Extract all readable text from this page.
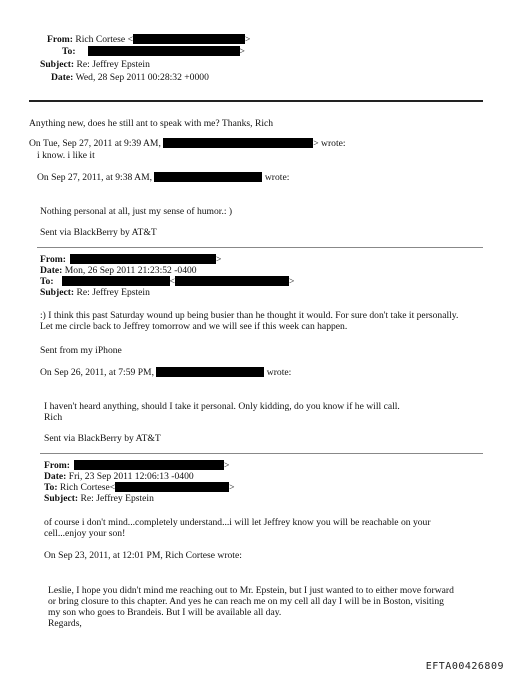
From: Rich Cortese <	>
To:	>
Subject: Re: Jeffrey Epstein
Date: Wed, 28 Sep 2011 00:28:32 +0000
Anything new, does he still ant to speak with me? Thanks, Rich
On Tue, Sep 27, 2011 at 9:39 AM,	> wrote:
i know. i like it
On Sep 27, 2011, at 9:38 AM,	wrote:
Nothing personal at all, just my sense of humor.: )
Sent via BlackBerry by AT&T
From:	>
Date: Mon, 26 Sep 2011 21:23:52 -0400
To:	<	>
Subject: Re: Jeffrey Epstein
:) I think this past Saturday wound up being busier than he thought it would. For sure don't take it personally.
Let me circle back to Jeffrey tomorrow and we will see if this week can happen.
Sent from my iPhone
On Sep 26, 2011, at 7:59 PM,	wrote:
I haven't heard anything, should I take it personal. Only kidding, do you know if he will call.
Rich
Sent via BlackBerry by AT&T
From:	>
Date: Fri, 23 Sep 2011 12:06:13 -0400
To: Rich Cortese<	>
Subject: Re: Jeffrey Epstein
of course i don't mind...completely understand...i will let Jeffrey know you will be reachable on your
cell...enjoy your son!
On Sep 23, 2011, at 12:01 PM, Rich Cortese wrote:
Leslie, I hope you didn't mind me reaching out to Mr. Epstein, but I just wanted to to either move forward
or bring closure to this chapter. And yes he can reach me on my cell all day I will be in Boston, visiting
my son who goes to Brandeis. But I will be available all day.
Regards,
EFTA00426809
